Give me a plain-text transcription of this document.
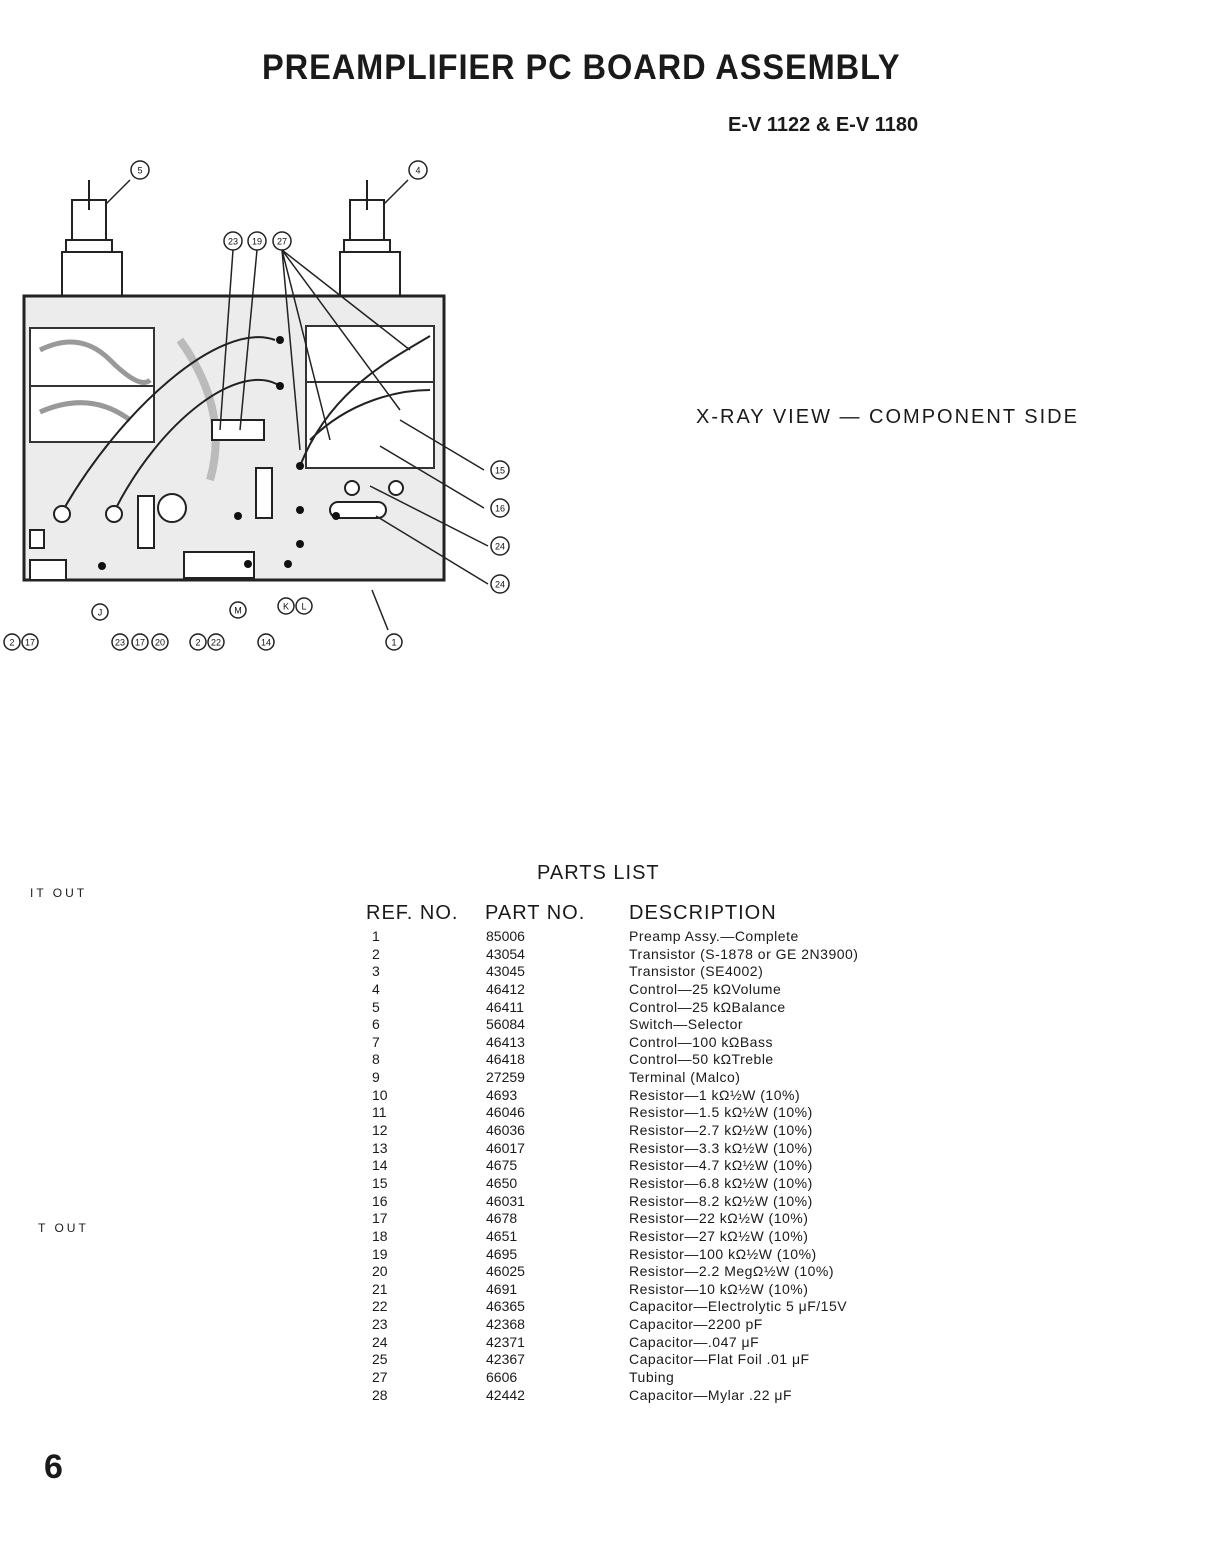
PREAMPLIFIER PC BOARD ASSEMBLY
E-V 1122 & E-V 1180
5	4
23 19 27
15
16
24
24
2 17	23 17 20	2 22	14
J	M	K L
1
X-RAY VIEW — COMPONENT SIDE
IT OUT
T OUT
PARTS LIST
REF. NO. PART NO. DESCRIPTION
1	85006	Preamp Assy.—Complete
2	43054	Transistor (S-1878 or GE 2N3900)
3	43045	Transistor (SE4002)
4	46412	Control—25 kΩVolume
5	46411	Control—25 kΩBalance
6	56084	Switch—Selector
7	46413	Control—100 kΩBass
8	46418	Control—50 kΩTreble
9	27259	Terminal (Malco)
10	4693	Resistor—1 kΩ½W (10%)
11	46046	Resistor—1.5 kΩ½W (10%)
12	46036	Resistor—2.7 kΩ½W (10%)
13	46017	Resistor—3.3 kΩ½W (10%)
14	4675	Resistor—4.7 kΩ½W (10%)
15	4650	Resistor—6.8 kΩ½W (10%)
16	46031	Resistor—8.2 kΩ½W (10%)
17	4678	Resistor—22 kΩ½W (10%)
18	4651	Resistor—27 kΩ½W (10%)
19	4695	Resistor—100 kΩ½W (10%)
20	46025	Resistor—2.2 MegΩ½W (10%)
21	4691	Resistor—10 kΩ½W (10%)
22	46365	Capacitor—Electrolytic 5 μF/15V
23	42368	Capacitor—2200 pF
24	42371	Capacitor—.047 μF
25	42367	Capacitor—Flat Foil .01 μF
27	6606	Tubing
28	42442	Capacitor—Mylar .22 μF
6
